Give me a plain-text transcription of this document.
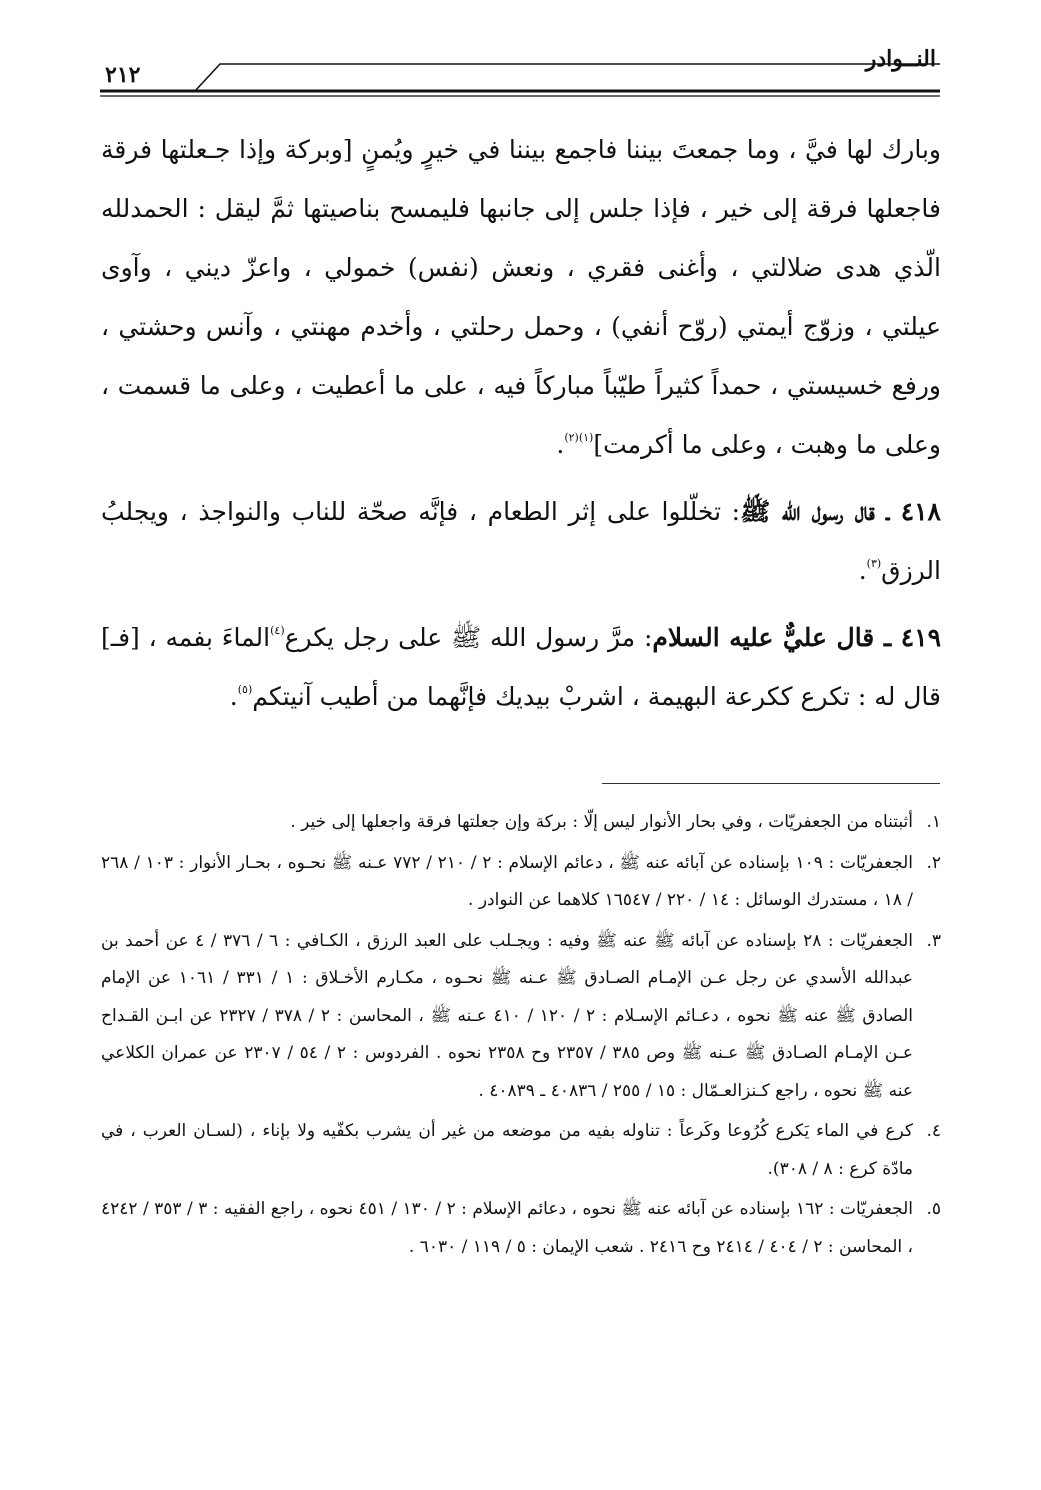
النــوادر
٢١٢

وبارك لها فيَّ ، وما جمعتَ بيننا فاجمع بيننا في خيرٍ ويُمنٍ [وبركة وإذا جـعلتها فرقة فاجعلها فرقة إلى خير ، فإذا جلس إلى جانبها فليمسح بناصيتها ثمَّ ليقل : الحمدلله الّذي هدى ضلالتي ، وأغنى فقري ، ونعش (نفس) خمولي ، واعزّ ديني ، وآوى عيلتي ، وزوّج أيمتي (روّح أنفي) ، وحمل رحلتي ، وأخدم مهنتي ، وآنس وحشتي ، ورفع خسيستي ، حمداً كثيراً طيّباً مباركاً فيه ، على ما أعطيت ، وعلى ما قسمت ، وعلى ما وهبت ، وعلى ما أكرمت]$^{(١)(٢)}$.

٤١٨ ـ قال رسول الله ﷺ: تخلّلوا على إثر الطعام ، فإنَّه صحّة للناب والنواجذ ، ويجلبُ الرزق$^{(٣)}$.

٤١٩ ـ قال عليٌّ عليه السلام: مرَّ رسول الله ﷺ على رجل يكرع$^{(٤)}$الماءَ بفمه ، [فـ] قال له : تكرع ككرعة البهيمة ، اشربْ بيديك فإنَّهما من أطيب آنيتكم$^{(٥)}$.

١.
أثبتناه من الجعفريّات ، وفي بحار الأنوار ليس إلّا : بركة وإن جعلتها فرقة واجعلها إلى خير .
٢.
الجعفريّات : ١٠٩ بإسناده عن آبائه عنه ﷺ ، دعائم الإسلام : ٢ / ٢١٠ / ٧٧٢ عـنه ﷺ نحـوه ، بحـار الأنوار : ١٠٣ / ٢٦٨ / ١٨ ، مستدرك الوسائل : ١٤ / ٢٢٠ / ١٦٥٤٧ كلاهما عن النوادر .
٣.
الجعفريّات : ٢٨ بإسناده عن آبائه ﷺ عنه ﷺ وفيه : ويجـلب على العبد الرزق ، الكـافي : ٦ / ٣٧٦ / ٤ عن أحمد بن عبدالله الأسدي عن رجل عـن الإمـام الصـادق ﷺ عـنه ﷺ نحـوه ، مكـارم الأخـلاق : ١ / ٣٣١ / ١٠٦١ عن الإمام الصادق ﷺ عنه ﷺ نحوه ، دعـائم الإسـلام : ٢ / ١٢٠ / ٤١٠ عـنه ﷺ ، المحاسن : ٢ / ٣٧٨ / ٢٣٢٧ عن ابـن القـداح عـن الإمـام الصـادق ﷺ عـنه ﷺ وص ٣٨٥ / ٢٣٥٧ وح ٢٣٥٨ نحوه . الفردوس : ٢ / ٥٤ / ٢٣٠٧ عن عمران الكلاعي عنه ﷺ نحوه ، راجع كـنزالعـمّال : ١٥ / ٢٥٥ / ٤٠٨٣٦ ـ ٤٠٨٣٩ .
٤.
كرع في الماء يَكرع كُرُوعا وكَرعاً : تناوله بفيه من موضعه من غير أن يشرب بكفّيه ولا بإناء ، (لسـان العرب ، في مادّة كرع : ٨ / ٣٠٨).
٥.
الجعفريّات : ١٦٢ بإسناده عن آبائه عنه ﷺ نحوه ، دعائم الإسلام : ٢ / ١٣٠ / ٤٥١ نحوه ، راجع الفقيه : ٣ / ٣٥٣ / ٤٢٤٢ ، المحاسن : ٢ / ٤٠٤ / ٢٤١٤ وح ٢٤١٦ . شعب الإيمان : ٥ / ١١٩ / ٦٠٣٠ .
